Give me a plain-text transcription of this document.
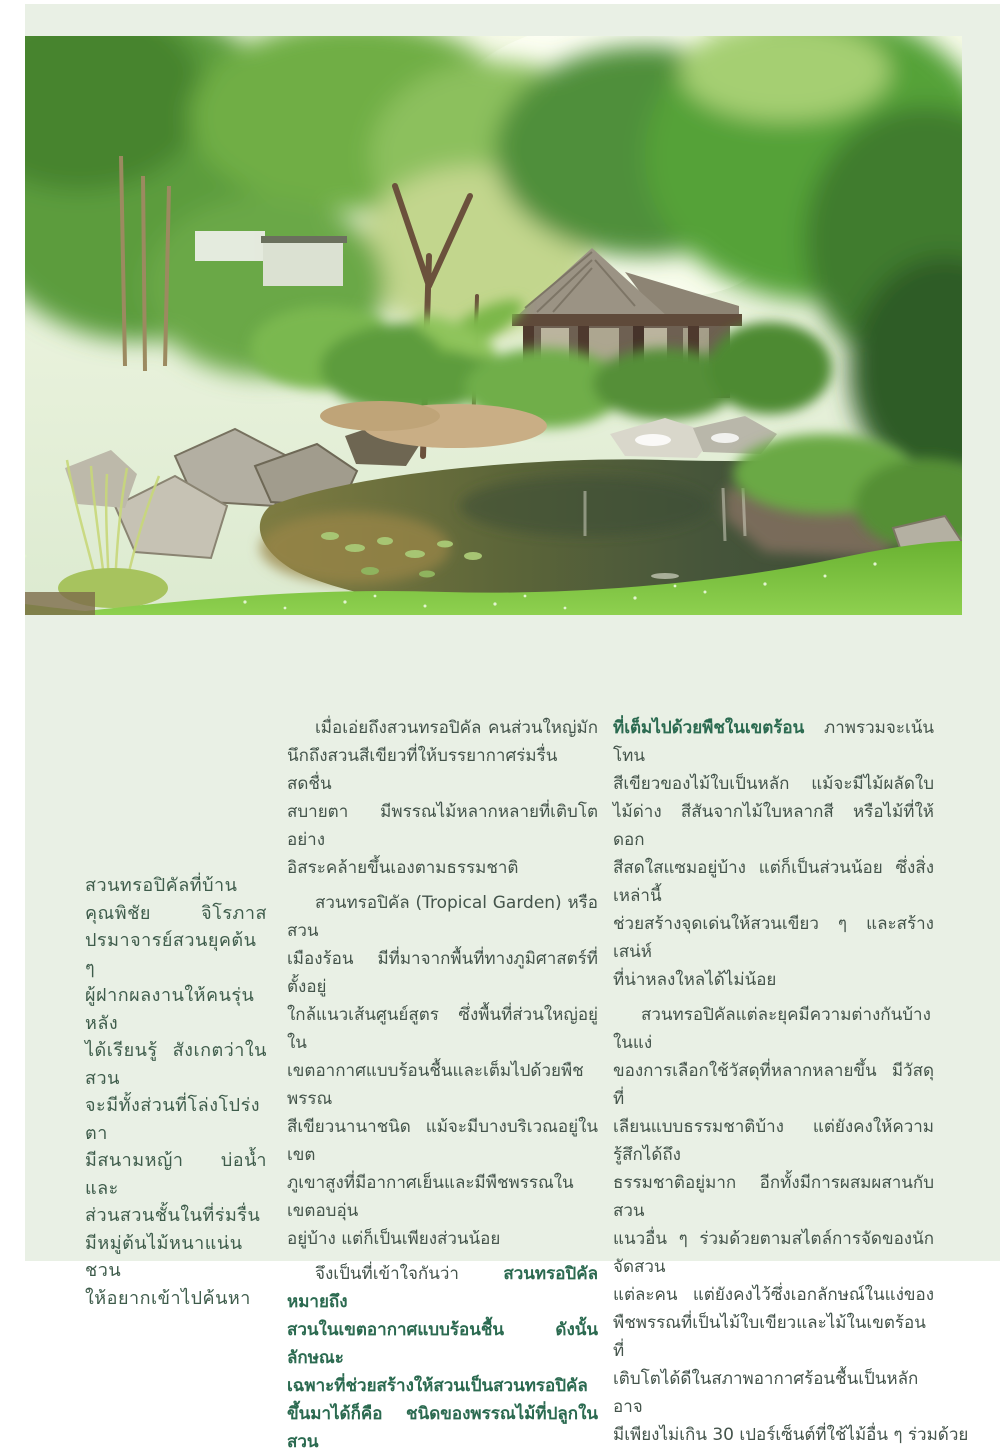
สวนทรอปิคัลที่บ้าน
คุณพิชัย จิโรภาส
ปรมาจารย์สวนยุคต้น ๆ
ผู้ฝากผลงานให้คนรุ่นหลัง
ได้เรียนรู้ สังเกตว่าในสวน
จะมีทั้งส่วนที่โล่งโปร่งตา
มีสนามหญ้า บ่อน้ำ และ
ส่วนสวนชั้นในที่ร่มรื่น
มีหมู่ต้นไม้หนาแน่น ชวน
ให้อยากเข้าไปค้นหา
เมื่อเอ่ยถึงสวนทรอปิคัล คนส่วนใหญ่มัก
นึกถึงสวนสีเขียวที่ให้บรรยากาศร่มรื่น สดชื่น
สบายตา มีพรรณไม้หลากหลายที่เติบโตอย่าง
อิสระคล้ายขึ้นเองตามธรรมชาติ
สวนทรอปิคัล (Tropical Garden) หรือสวน
เมืองร้อน มีที่มาจากพื้นที่ทางภูมิศาสตร์ที่ตั้งอยู่
ใกล้แนวเส้นศูนย์สูตร ซึ่งพื้นที่ส่วนใหญ่อยู่ใน
เขตอากาศแบบร้อนชื้นและเต็มไปด้วยพืชพรรณ
สีเขียวนานาชนิด แม้จะมีบางบริเวณอยู่ในเขต
ภูเขาสูงที่มีอากาศเย็นและมีพืชพรรณในเขตอบอุ่น
อยู่บ้าง แต่ก็เป็นเพียงส่วนน้อย
จึงเป็นที่เข้าใจกันว่า สวนทรอปิคัล หมายถึง
สวนในเขตอากาศแบบร้อนชื้น ดังนั้น ลักษณะ
เฉพาะที่ช่วยสร้างให้สวนเป็นสวนทรอปิคัล
ขึ้นมาได้ก็คือ ชนิดของพรรณไม้ที่ปลูกในสวน
ที่เต็มไปด้วยพืชในเขตร้อน ภาพรวมจะเน้นโทน
สีเขียวของไม้ใบเป็นหลัก แม้จะมีไม้ผลัดใบ
ไม้ด่าง สีสันจากไม้ใบหลากสี หรือไม้ที่ให้ดอก
สีสดใสแซมอยู่บ้าง แต่ก็เป็นส่วนน้อย ซึ่งสิ่งเหล่านี้
ช่วยสร้างจุดเด่นให้สวนเขียว ๆ และสร้างเสน่ห์
ที่น่าหลงใหลได้ไม่น้อย
สวนทรอปิคัลแต่ละยุคมีความต่างกันบ้างในแง่
ของการเลือกใช้วัสดุที่หลากหลายขึ้น มีวัสดุที่
เลียนแบบธรรมชาติบ้าง แต่ยังคงให้ความรู้สึกได้ถึง
ธรรมชาติอยู่มาก อีกทั้งมีการผสมผสานกับสวน
แนวอื่น ๆ ร่วมด้วยตามสไตล์การจัดของนักจัดสวน
แต่ละคน แต่ยังคงไว้ซึ่งเอกลักษณ์ในแง่ของ
พืชพรรณที่เป็นไม้ใบเขียวและไม้ในเขตร้อนที่
เติบโตได้ดีในสภาพอากาศร้อนชื้นเป็นหลัก อาจ
มีเพียงไม่เกิน 30 เปอร์เซ็นต์ที่ใช้ไม้อื่น ๆ ร่วมด้วย
